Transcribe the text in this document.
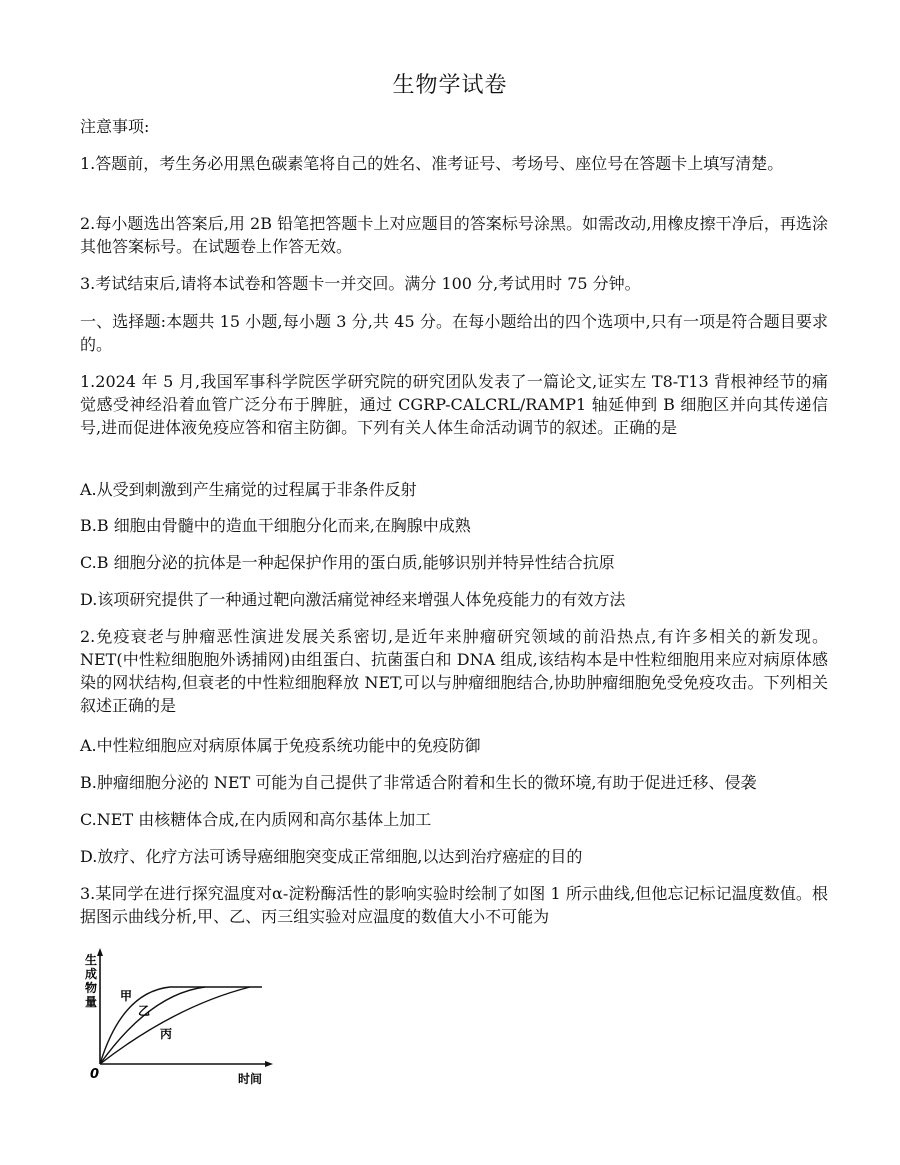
生物学试卷
注意事项:
1.答题前，考生务必用黑色碳素笔将自己的姓名、准考证号、考场号、座位号在答题卡上填写清楚。
2.每小题选出答案后,用 2B 铅笔把答题卡上对应题目的答案标号涂黑。如需改动,用橡皮擦干净后，再选涂其他答案标号。在试题卷上作答无效。
3.考试结束后,请将本试卷和答题卡一并交回。满分 100 分,考试用时 75 分钟。
一、选择题:本题共 15 小题,每小题 3 分,共 45 分。在每小题给出的四个选项中,只有一项是符合题目要求的。
1.2024 年 5 月,我国军事科学院医学研究院的研究团队发表了一篇论文,证实左 T8-T13 背根神经节的痛觉感受神经沿着血管广泛分布于脾脏，通过 CGRP-CALCRL/RAMP1 轴延伸到 B 细胞区并向其传递信号,进而促进体液免疫应答和宿主防御。下列有关人体生命活动调节的叙述。正确的是
A.从受到刺激到产生痛觉的过程属于非条件反射
B.B 细胞由骨髓中的造血干细胞分化而来,在胸腺中成熟
C.B 细胞分泌的抗体是一种起保护作用的蛋白质,能够识别并特异性结合抗原
D.该项研究提供了一种通过靶向激活痛觉神经来增强人体免疫能力的有效方法
2.免疫衰老与肿瘤恶性演进发展关系密切,是近年来肿瘤研究领域的前沿热点,有许多相关的新发现。NET(中性粒细胞胞外诱捕网)由组蛋白、抗菌蛋白和 DNA 组成,该结构本是中性粒细胞用来应对病原体感染的网状结构,但衰老的中性粒细胞释放 NET,可以与肿瘤细胞结合,协助肿瘤细胞免受免疫攻击。下列相关叙述正确的是
A.中性粒细胞应对病原体属于免疫系统功能中的免疫防御
B.肿瘤细胞分泌的 NET 可能为自己提供了非常适合附着和生长的微环境,有助于促进迁移、侵袭
C.NET 由核糖体合成,在内质网和高尔基体上加工
D.放疗、化疗方法可诱导癌细胞突变成正常细胞,以达到治疗癌症的目的
3.某同学在进行探究温度对α-淀粉酶活性的影响实验时绘制了如图 1 所示曲线,但他忘记标记温度数值。根据图示曲线分析,甲、乙、丙三组实验对应温度的数值大小不可能为
生
成
物
量
0	时间
甲
乙
丙
